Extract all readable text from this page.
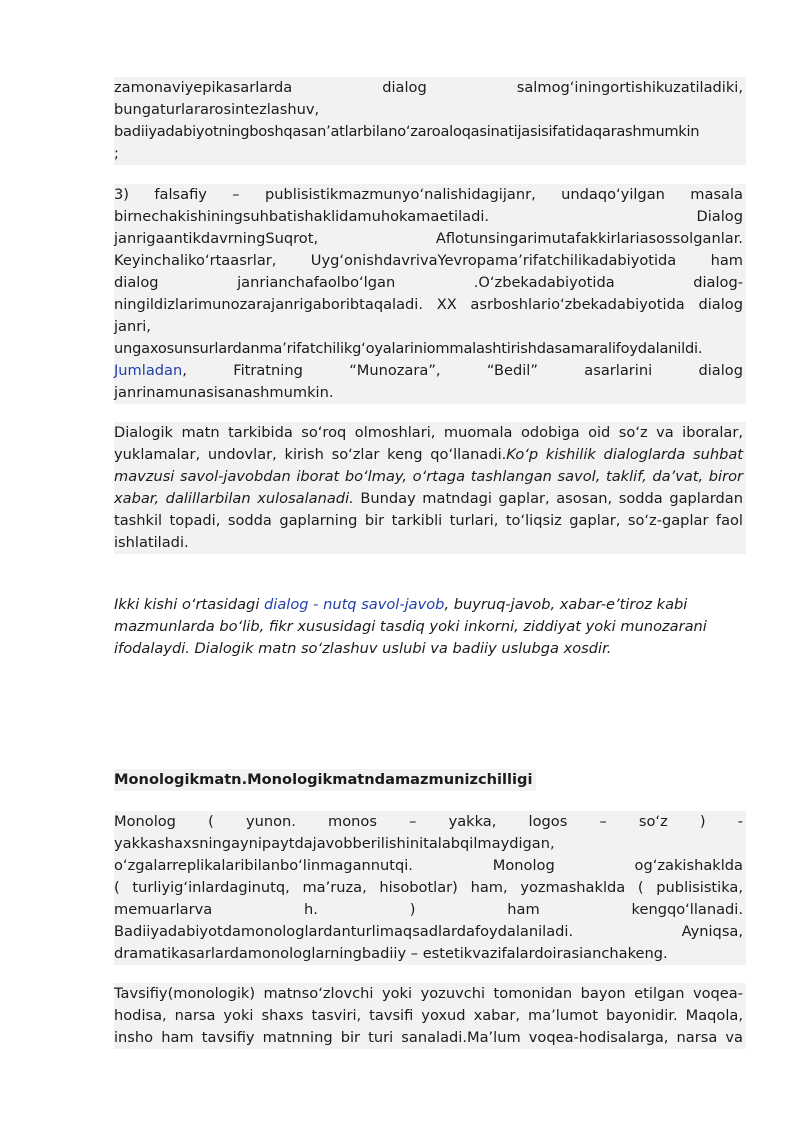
zamonaviyepikasarlarda dialog salmog‘iningortishikuzatiladiki,
bungaturlararosintezlashuv,
badiiyadabiyotningboshqasan’atlarbilano‘zaroaloqasinatijasisifatidaqarashmumkin
;
3) falsafiy – publisistikmazmunyo‘nalishidagijanr, undaqo‘yilgan masala
birnechakishiningsuhbatishaklidamuhokamaetiladi. Dialog
janrigaantikdavrningSuqrot, Aflotunsingarimutafakkirlariasossolganlar.
Keyinchaliko‘rtaasrlar, Uyg‘onishdavrivaYevropama’rifatchilikadabiyotida ham
dialog janrianchafaolbo‘lgan .O‘zbekadabiyotida dialog-
ningildizlarimunozarajanrigaboribtaqaladi. XX asrboshlario‘zbekadabiyotida dialog
janri,
ungaxosunsurlardanma’rifatchilikg‘oyalariniommalashtirishdasamaralifoydalanildi.
Jumladan, Fitratning “Munozara”, “Bedil” asarlarini dialog
janrinamunasisanashmumkin.
Dialogik matn tarkibida so‘roq olmoshlari, muomala odobiga oid so‘z va iboralar,
yuklamalar, undovlar, kirish so‘zlar keng qo‘llanadi.Ko‘p kishilik dialoglarda suhbat
mavzusi savol-javobdan iborat bo‘lmay, o‘rtaga tashlangan savol, taklif, da’vat, biror
xabar, dalillarbilan xulosalanadi. Bunday matndagi gaplar, asosan, sodda gaplardan
tashkil topadi, sodda gaplarning bir tarkibli turlari, to‘liqsiz gaplar, so‘z-gaplar faol
ishlatiladi.
Ikki kishi o‘rtasidagi dialog - nutq savol-javob, buyruq-javob, xabar-e’tiroz kabi
mazmunlarda bo‘lib, fikr xususidagi tasdiq yoki inkorni, ziddiyat yoki munozarani
ifodalaydi. Dialogik matn so‘zlashuv uslubi va badiiy uslubga xosdir.
Monologikmatn.Monologikmatndamazmunizchilligi
Monolog ( yunon. monos – yakka, logos – so‘z ) -
yakkashaxsningaynipaytdajavobberilishinitalabqilmaydigan,
o‘zgalarreplikalaribilanbo‘linmagannutqi. Monolog og‘zakishaklda
( turliyig‘inlardaginutq, ma’ruza, hisobotlar) ham, yozmashaklda ( publisistika,
memuarlarva h. ) ham kengqo‘llanadi.
Badiiyadabiyotdamonologlardanturlimaqsadlardafoydalaniladi. Ayniqsa,
dramatikasarlardamonologlarningbadiiy – estetikvazifalardoirasianchakeng.
Tavsifiy(monologik) matnso‘zlovchi yoki yozuvchi tomonidan bayon etilgan voqea-
hodisa, narsa yoki shaxs tasviri, tavsifi yoxud xabar, ma’lumot bayonidir. Maqola,
insho ham tavsifiy matnning bir turi sanaladi.Ma’lum voqea-hodisalarga, narsa va
